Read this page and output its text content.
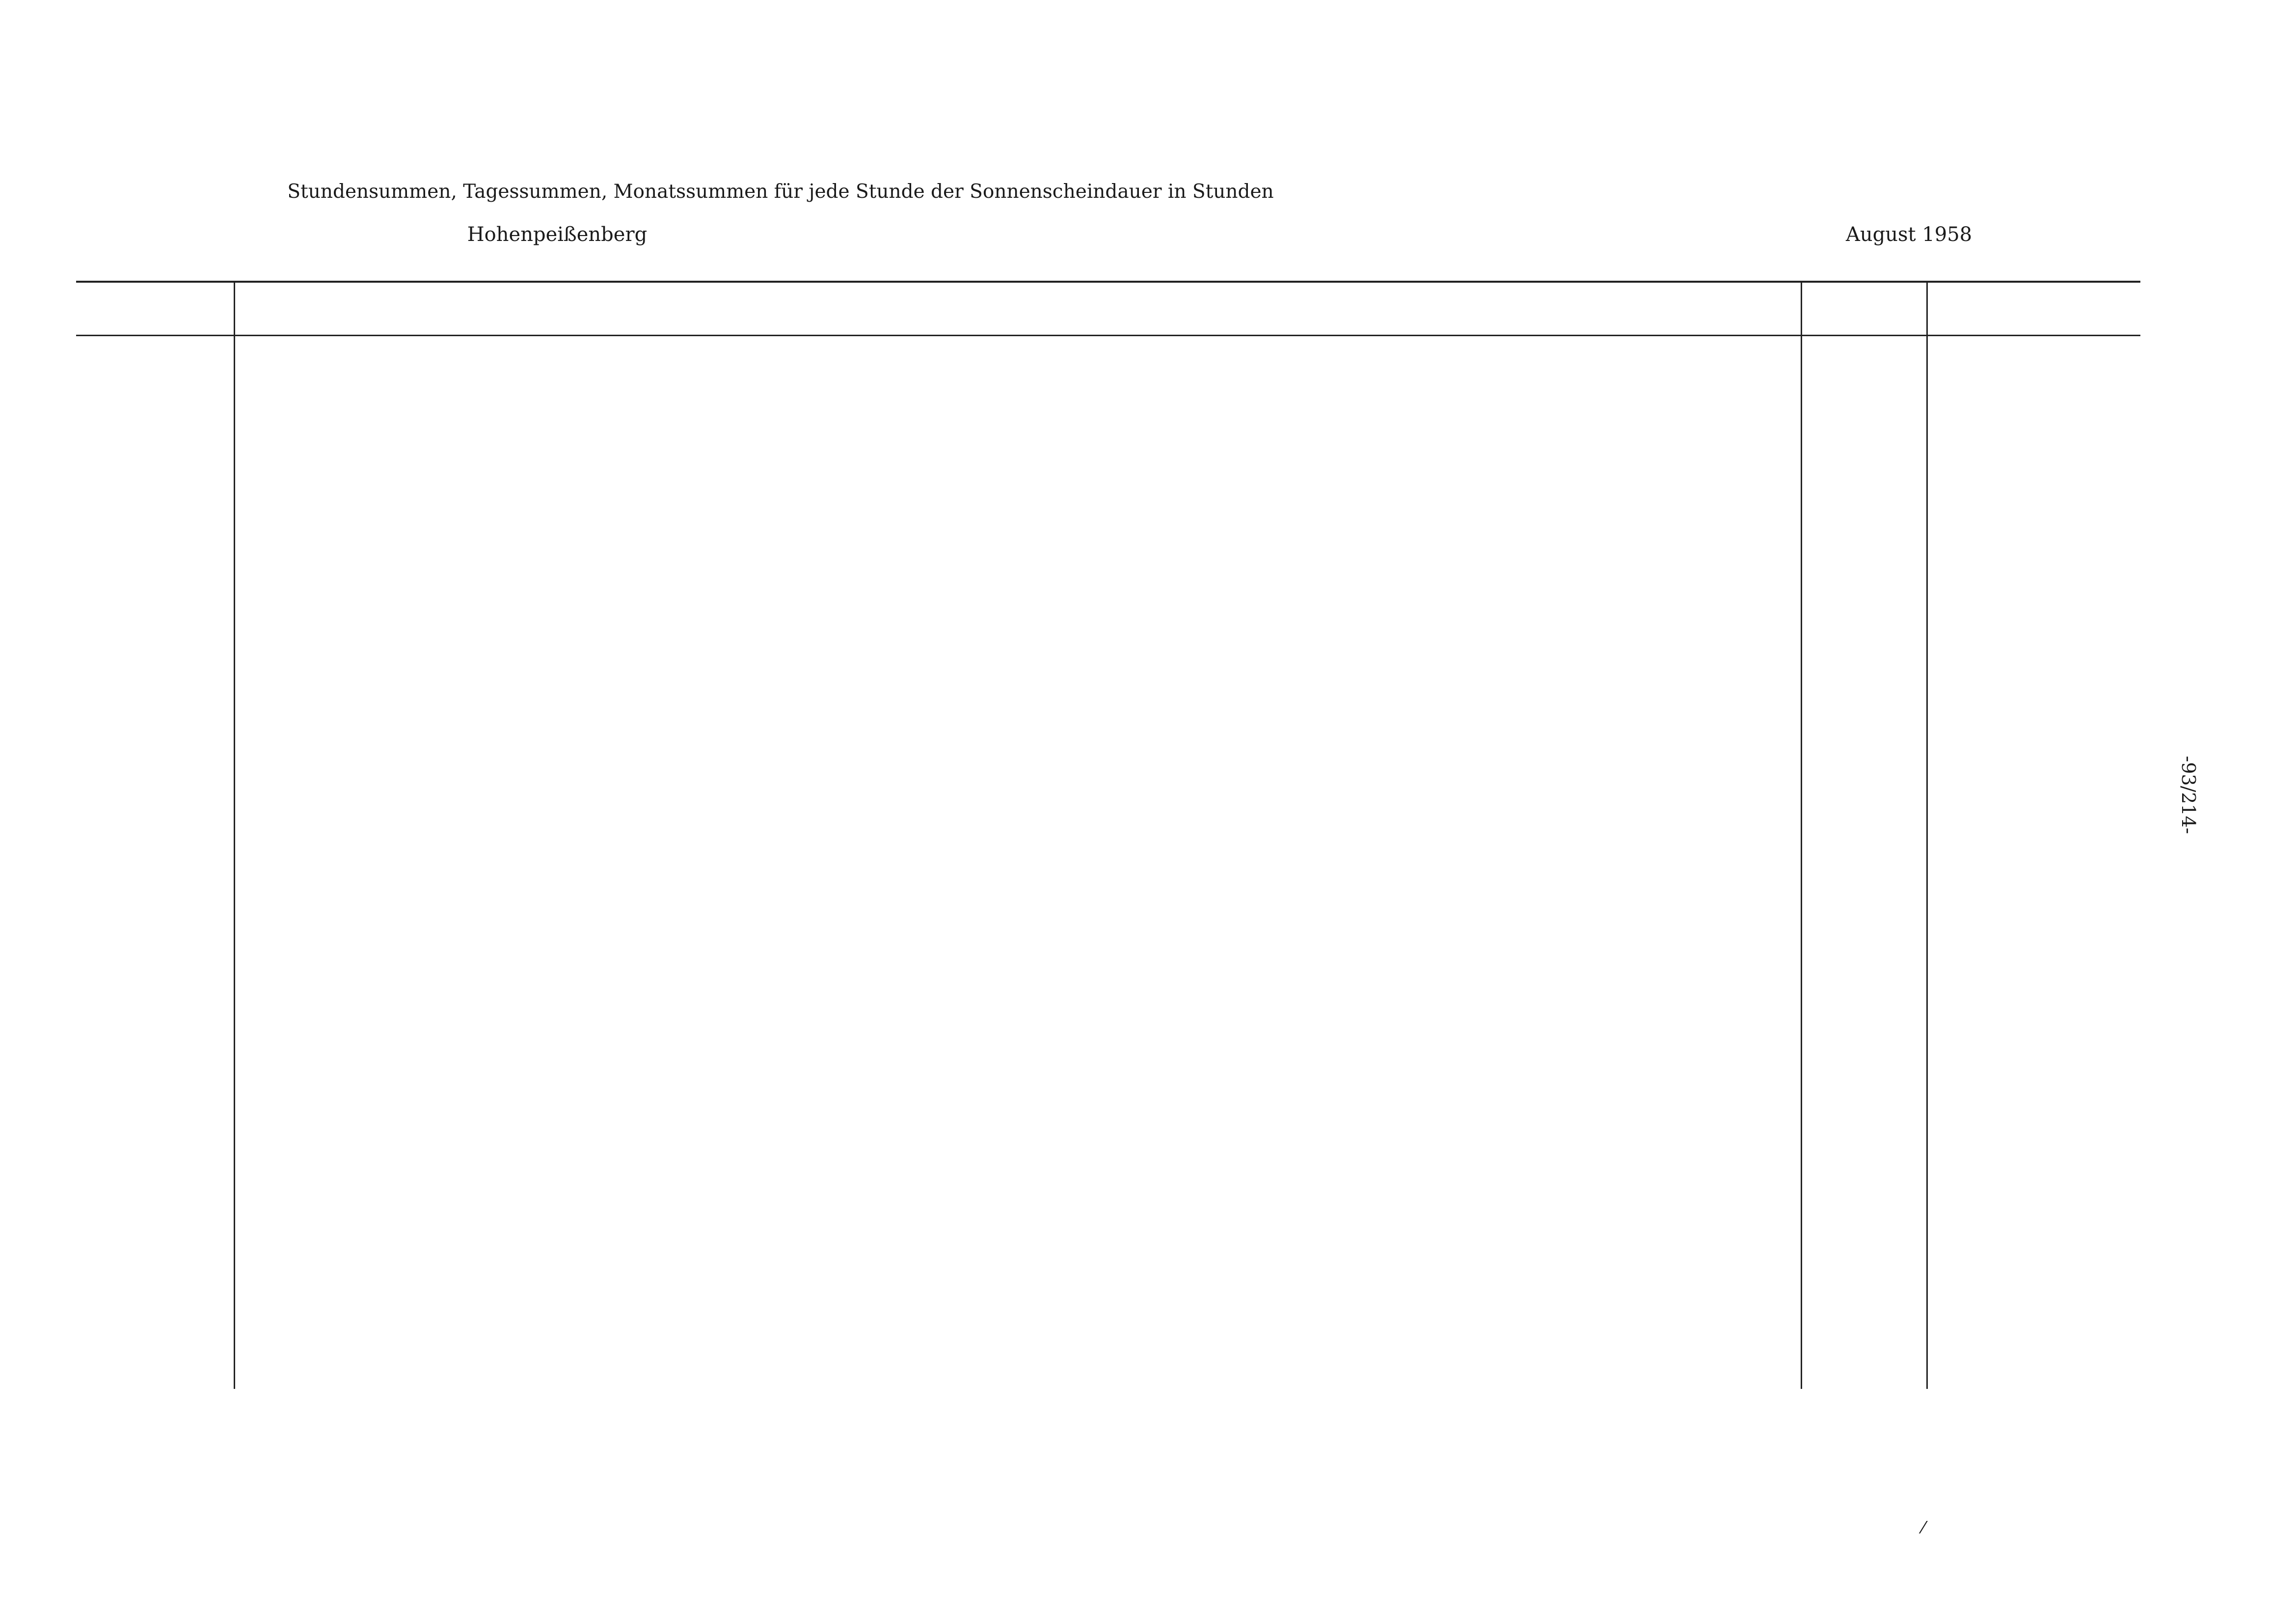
Stundensummen, Tagessummen, Monatssummen für jede Stunde der Sonnenscheindauer in Stunden
Hohenpeißenberg	August 1958
-93/214-
⁄
